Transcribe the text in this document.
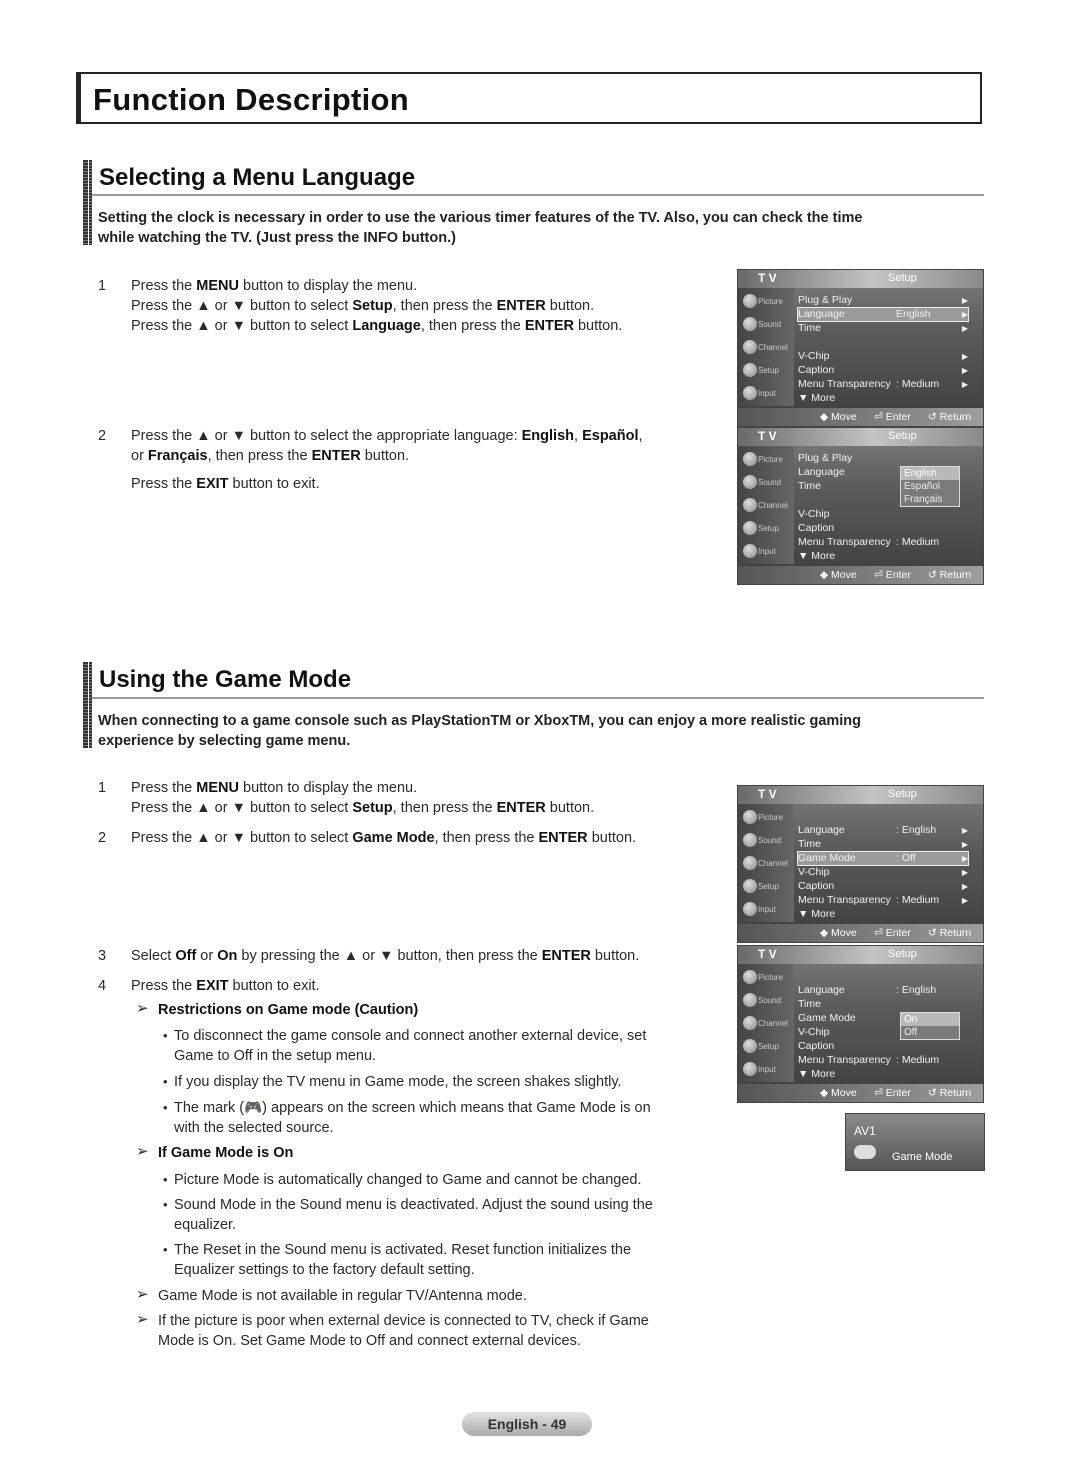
Function Description
Selecting a Menu Language
Setting the clock is necessary in order to use the various timer features of the TV. Also, you can check the time
while watching the TV. (Just press the INFO button.)
1	Press the MENU button to display the menu.
Press the ▲ or ▼ button to select Setup, then press the ENTER button.
Press the ▲ or ▼ button to select Language, then press the ENTER button.
2	Press the ▲ or ▼ button to select the appropriate language: English, Español,
or Français, then press the ENTER button.
Press the EXIT button to exit.
Using the Game Mode
When connecting to a game console such as PlayStationTM or XboxTM, you can enjoy a more realistic gaming
experience by selecting game menu.
1	Press the MENU button to display the menu.
Press the ▲ or ▼ button to select Setup, then press the ENTER button.
2	Press the ▲ or ▼ button to select Game Mode, then press the ENTER button.
3	Select Off or On by pressing the ▲ or ▼ button, then press the ENTER button.
4	Press the EXIT button to exit.
➢ Restrictions on Game mode (Caution)
• To disconnect the game console and connect another external device, set
Game to Off in the setup menu.
• If you display the TV menu in Game mode, the screen shakes slightly.
• The mark (🎮) appears on the screen which means that Game Mode is on
with the selected source.
➢ If Game Mode is On
• Picture Mode is automatically changed to Game and cannot be changed.
• Sound Mode in the Sound menu is deactivated. Adjust the sound using the
equalizer.
• The Reset in the Sound menu is activated. Reset function initializes the
Equalizer settings to the factory default setting.
➢ Game Mode is not available in regular TV/Antenna mode.
➢ If the picture is poor when external device is connected to TV, check if Game
Mode is On. Set Game Mode to Off and connect external devices.
T V	Setup
Picture
Sound
Channel
Setup
Input
Plug & Play	▶
Language	English	▶
Time	▶
V-Chip	▶
Caption	▶
Menu Transparency : Medium	▶
▼ More
◆ Move ⏎ Enter ↺ Return
T V	Setup
Picture
Sound
Channel
Setup
Input
Plug & Play
Language
Time
V-Chip
Caption
Menu Transparency : Medium
▼ More
English
Español
Français
◆ Move ⏎ Enter ↺ Return
T V	Setup
Picture
Sound
Channel
Setup
Input
Language	: English	▶
Time	▶
Game Mode	: Off	▶
V-Chip	▶
Caption	▶
Menu Transparency : Medium	▶
▼ More
◆ Move ⏎ Enter ↺ Return
T V	Setup
Picture
Sound
Channel
Setup
Input
Language	: English
Time
Game Mode
V-Chip
Caption
Menu Transparency : Medium
▼ More
On
Off
◆ Move ⏎ Enter ↺ Return
AV1
Game Mode
English - 49
